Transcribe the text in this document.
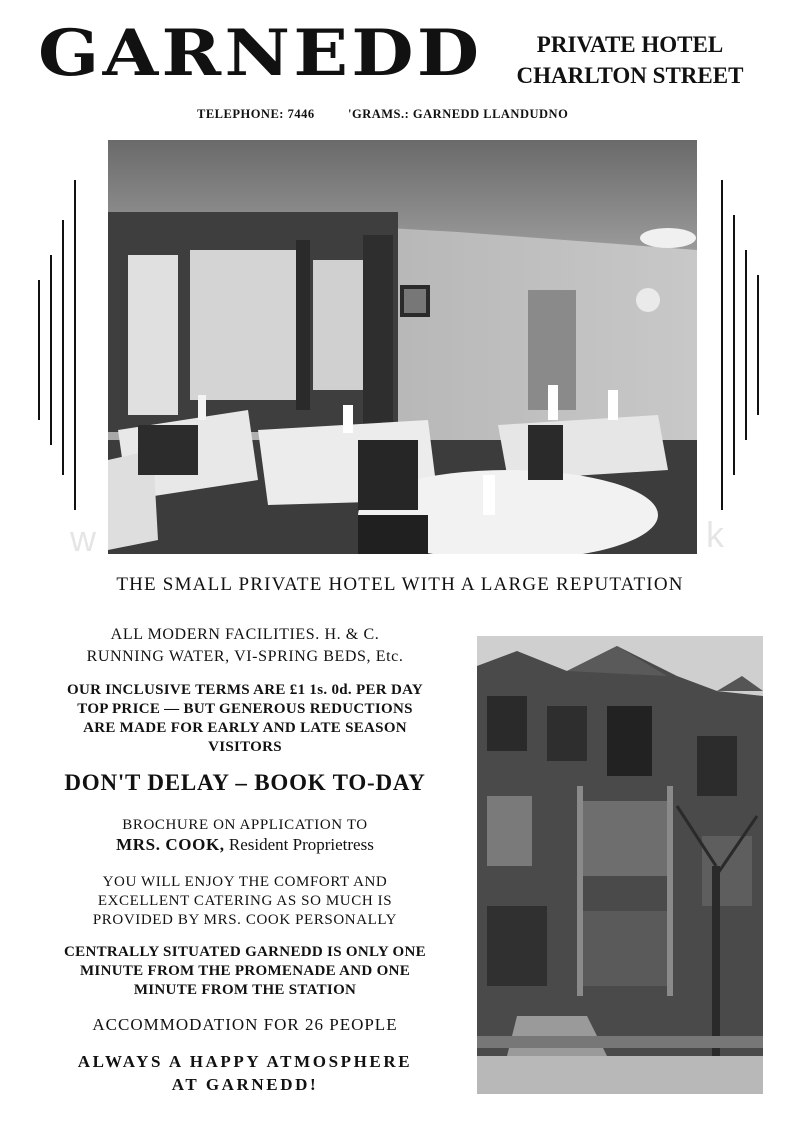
GARNEDD	PRIVATE HOTEL
CHARLTON STREET
TELEPHONE: 7446	'GRAMS.: GARNEDD LLANDUDNO
w	k
THE SMALL PRIVATE HOTEL WITH A LARGE REPUTATION
ALL MODERN FACILITIES. H. & C.
RUNNING WATER, VI-SPRING BEDS, Etc.
OUR INCLUSIVE TERMS ARE £1 1s. 0d. PER DAY
TOP PRICE — BUT GENEROUS REDUCTIONS
ARE MADE FOR EARLY AND LATE SEASON
VISITORS
DON'T DELAY – BOOK TO-DAY
BROCHURE ON APPLICATION TO
MRS. COOK, Resident Proprietress
YOU WILL ENJOY THE COMFORT AND
EXCELLENT CATERING AS SO MUCH IS
PROVIDED BY MRS. COOK PERSONALLY
CENTRALLY SITUATED GARNEDD IS ONLY ONE
MINUTE FROM THE PROMENADE AND ONE
MINUTE FROM THE STATION
ACCOMMODATION FOR 26 PEOPLE
ALWAYS A HAPPY ATMOSPHERE
AT GARNEDD!
